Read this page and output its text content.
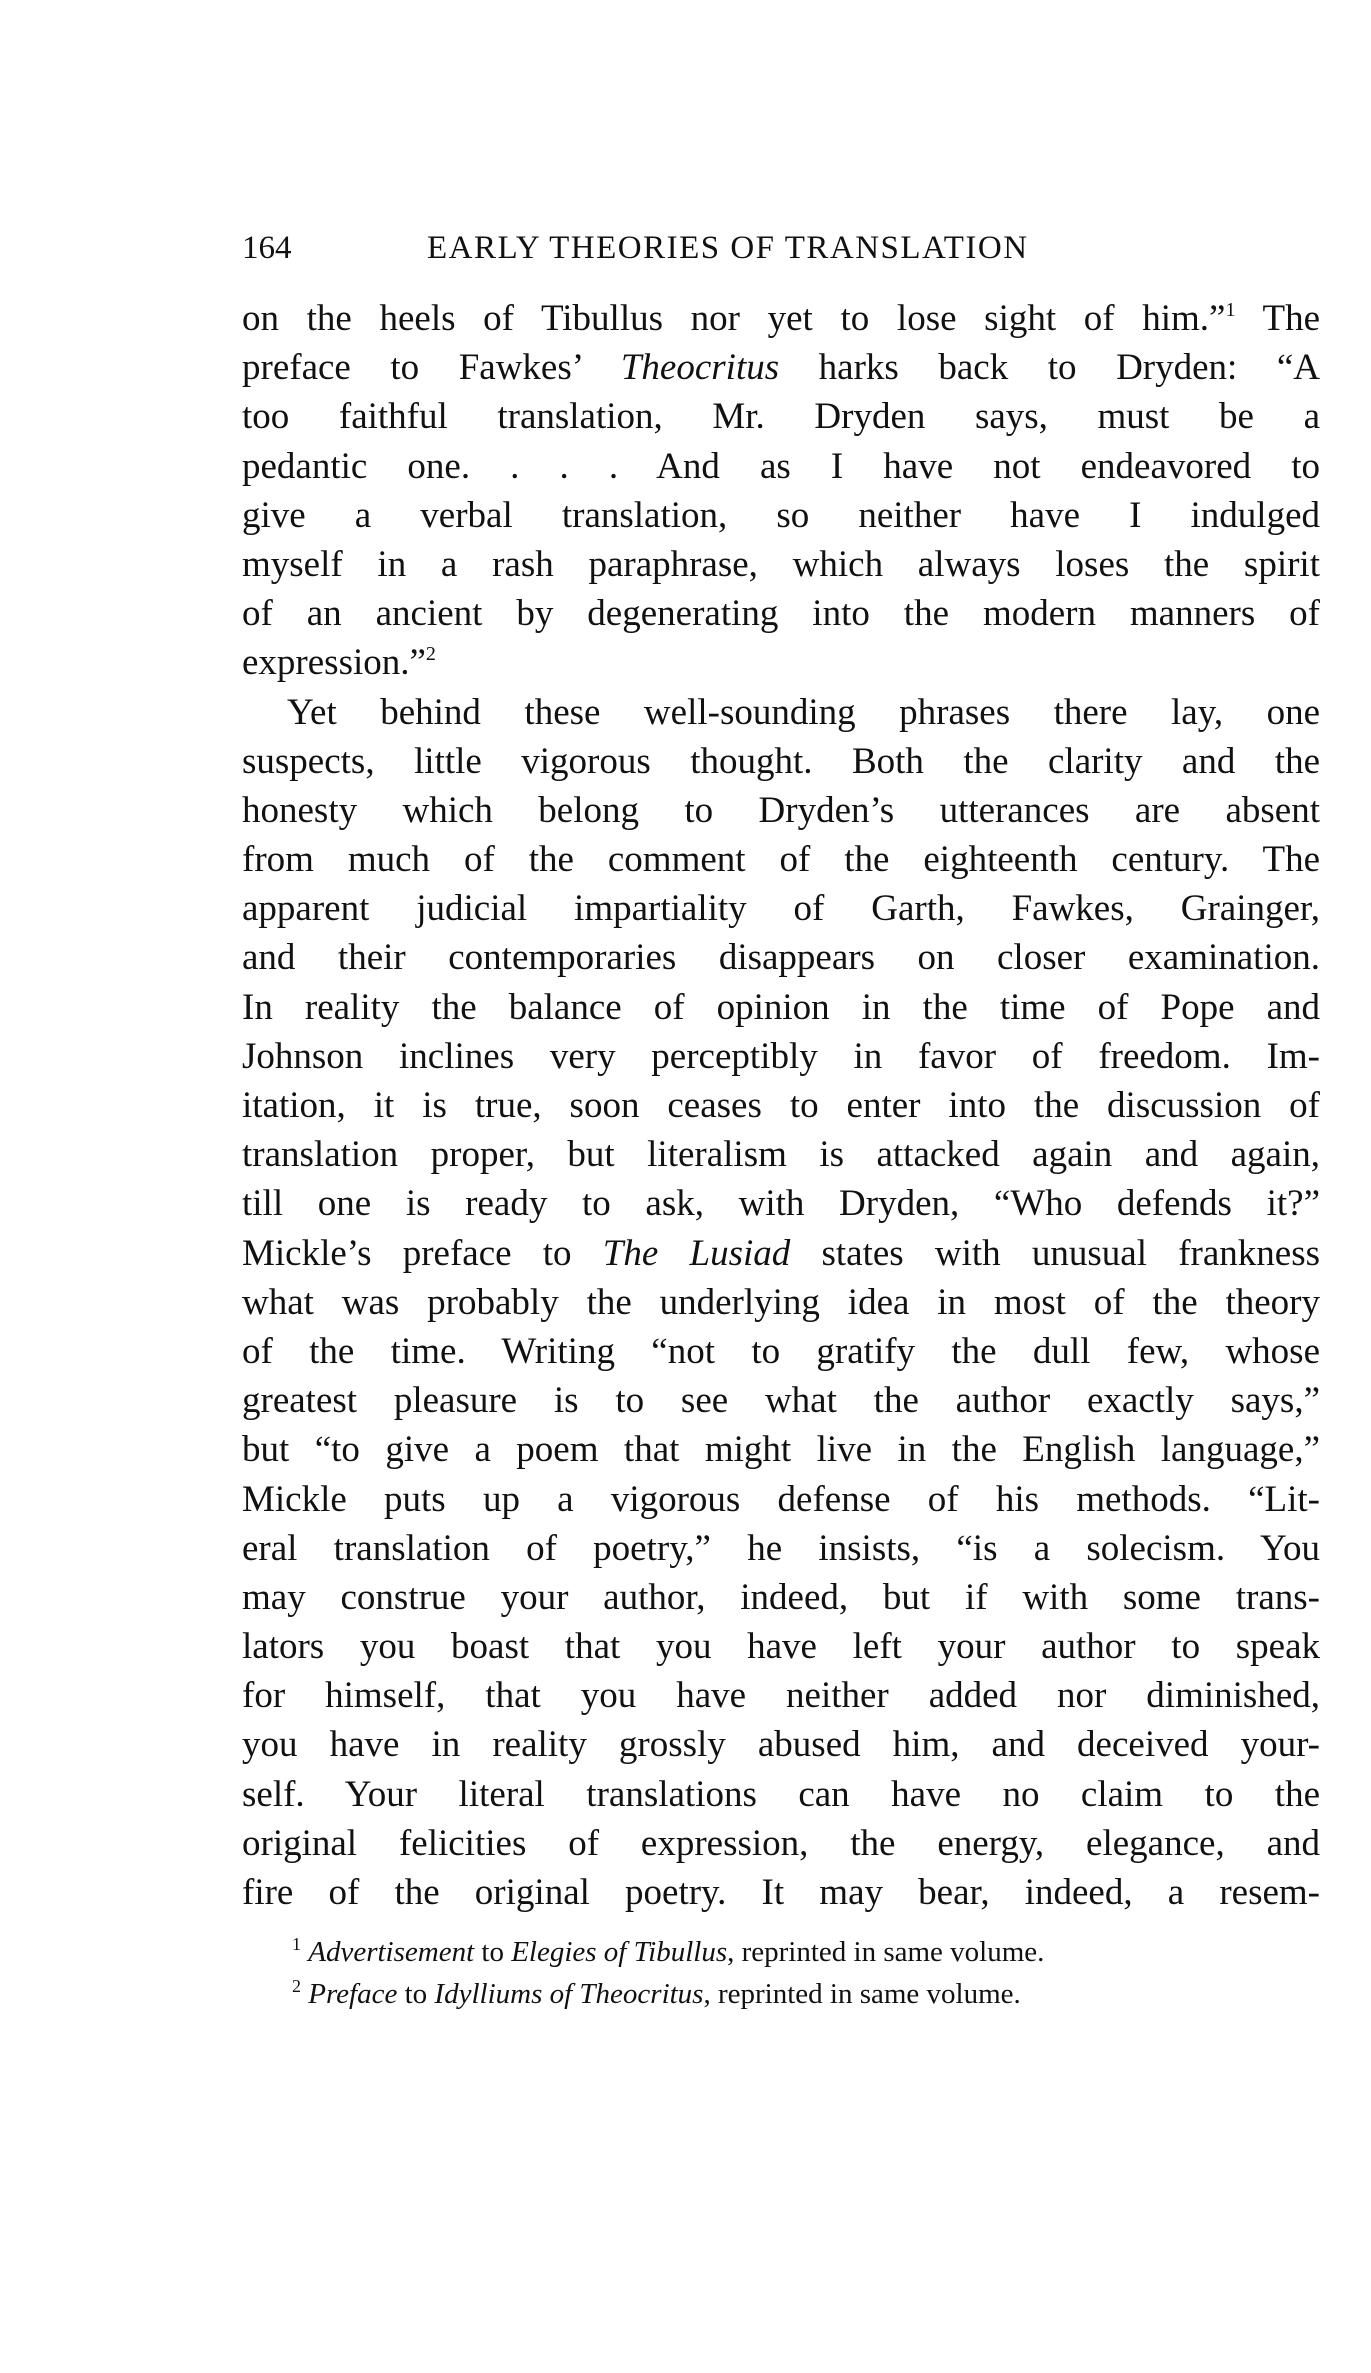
164	EARLY THEORIES OF TRANSLATION
on the heels of Tibullus nor yet to lose sight of him.”$^1$ The
preface to Fawkes’ Theocritus harks back to Dryden: “A
too faithful translation, Mr. Dryden says, must be a
pedantic one. . . . And as I have not endeavored to
give a verbal translation, so neither have I indulged
myself in a rash paraphrase, which always loses the spirit
of an ancient by degenerating into the modern manners of
expression.”$^2$
Yet behind these well-sounding phrases there lay, one
suspects, little vigorous thought. Both the clarity and the
honesty which belong to Dryden’s utterances are absent
from much of the comment of the eighteenth century. The
apparent judicial impartiality of Garth, Fawkes, Grainger,
and their contemporaries disappears on closer examination.
In reality the balance of opinion in the time of Pope and
Johnson inclines very perceptibly in favor of freedom. Im-
itation, it is true, soon ceases to enter into the discussion of
translation proper, but literalism is attacked again and again,
till one is ready to ask, with Dryden, “Who defends it?”
Mickle’s preface to The Lusiad states with unusual frankness
what was probably the underlying idea in most of the theory
of the time. Writing “not to gratify the dull few, whose
greatest pleasure is to see what the author exactly says,”
but “to give a poem that might live in the English language,”
Mickle puts up a vigorous defense of his methods. “Lit-
eral translation of poetry,” he insists, “is a solecism. You
may construe your author, indeed, but if with some trans-
lators you boast that you have left your author to speak
for himself, that you have neither added nor diminished,
you have in reality grossly abused him, and deceived your-
self. Your literal translations can have no claim to the
original felicities of expression, the energy, elegance, and
fire of the original poetry. It may bear, indeed, a resem-
$^1$ Advertisement to Elegies of Tibullus, reprinted in same volume.
$^2$ Preface to Idylliums of Theocritus, reprinted in same volume.
